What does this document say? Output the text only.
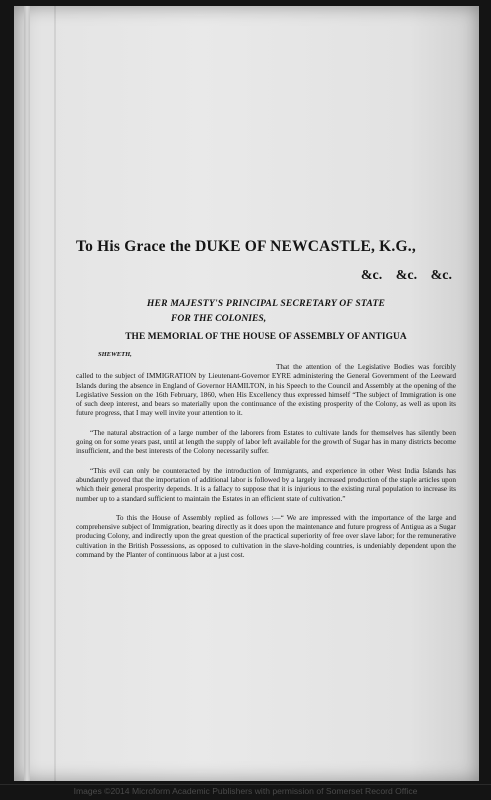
To His Grace the DUKE OF NEWCASTLE, K.G.,
&c. &c. &c.
HER MAJESTY'S PRINCIPAL SECRETARY OF STATE
FOR THE COLONIES,
THE MEMORIAL OF THE HOUSE OF ASSEMBLY OF ANTIGUA
SHEWETH,

That the attention of the Legislative Bodies was forcibly called to the subject of IMMIGRATION by Lieutenant-Governor EYRE administering the General Government of the Leeward Islands during the absence in England of Governor HAMILTON, in his Speech to the Council and Assembly at the opening of the Legislative Session on the 16th February, 1860, when His Excellency thus expressed himself “The subject of Immigration is one of such deep interest, and bears so materially upon the continuance of the existing prosperity of the Colony, as well as upon its future progress, that I may well invite your attention to it.

“The natural abstraction of a large number of the laborers from Estates to cultivate lands for themselves has silently been going on for some years past, until at length the supply of labor left available for the growth of Sugar has in many districts become insufficient, and the best interests of the Colony necessarily suffer.

“This evil can only be counteracted by the introduction of Immigrants, and experience in other West India Islands has abundantly proved that the importation of additional labor is followed by a largely increased production of the staple articles upon which their general prosperity depends. It is a fallacy to suppose that it is injurious to the existing rural population to increase its number up to a standard sufficient to maintain the Estates in an efficient state of cultivation.”

To this the House of Assembly replied as follows :—“ We are impressed with the importance of the large and comprehensive subject of Immigration, bearing directly as it does upon the maintenance and future progress of Antigua as a Sugar producing Colony, and indirectly upon the great question of the practical superiority of free over slave labor; for the remunerative cultivation in the British Possessions, as opposed to cultivation in the slave-holding countries, is undeniably dependent upon the command by the Planter of continuous labor at a just cost.

Images ©2014 Microform Academic Publishers with permission of Somerset Record Office
